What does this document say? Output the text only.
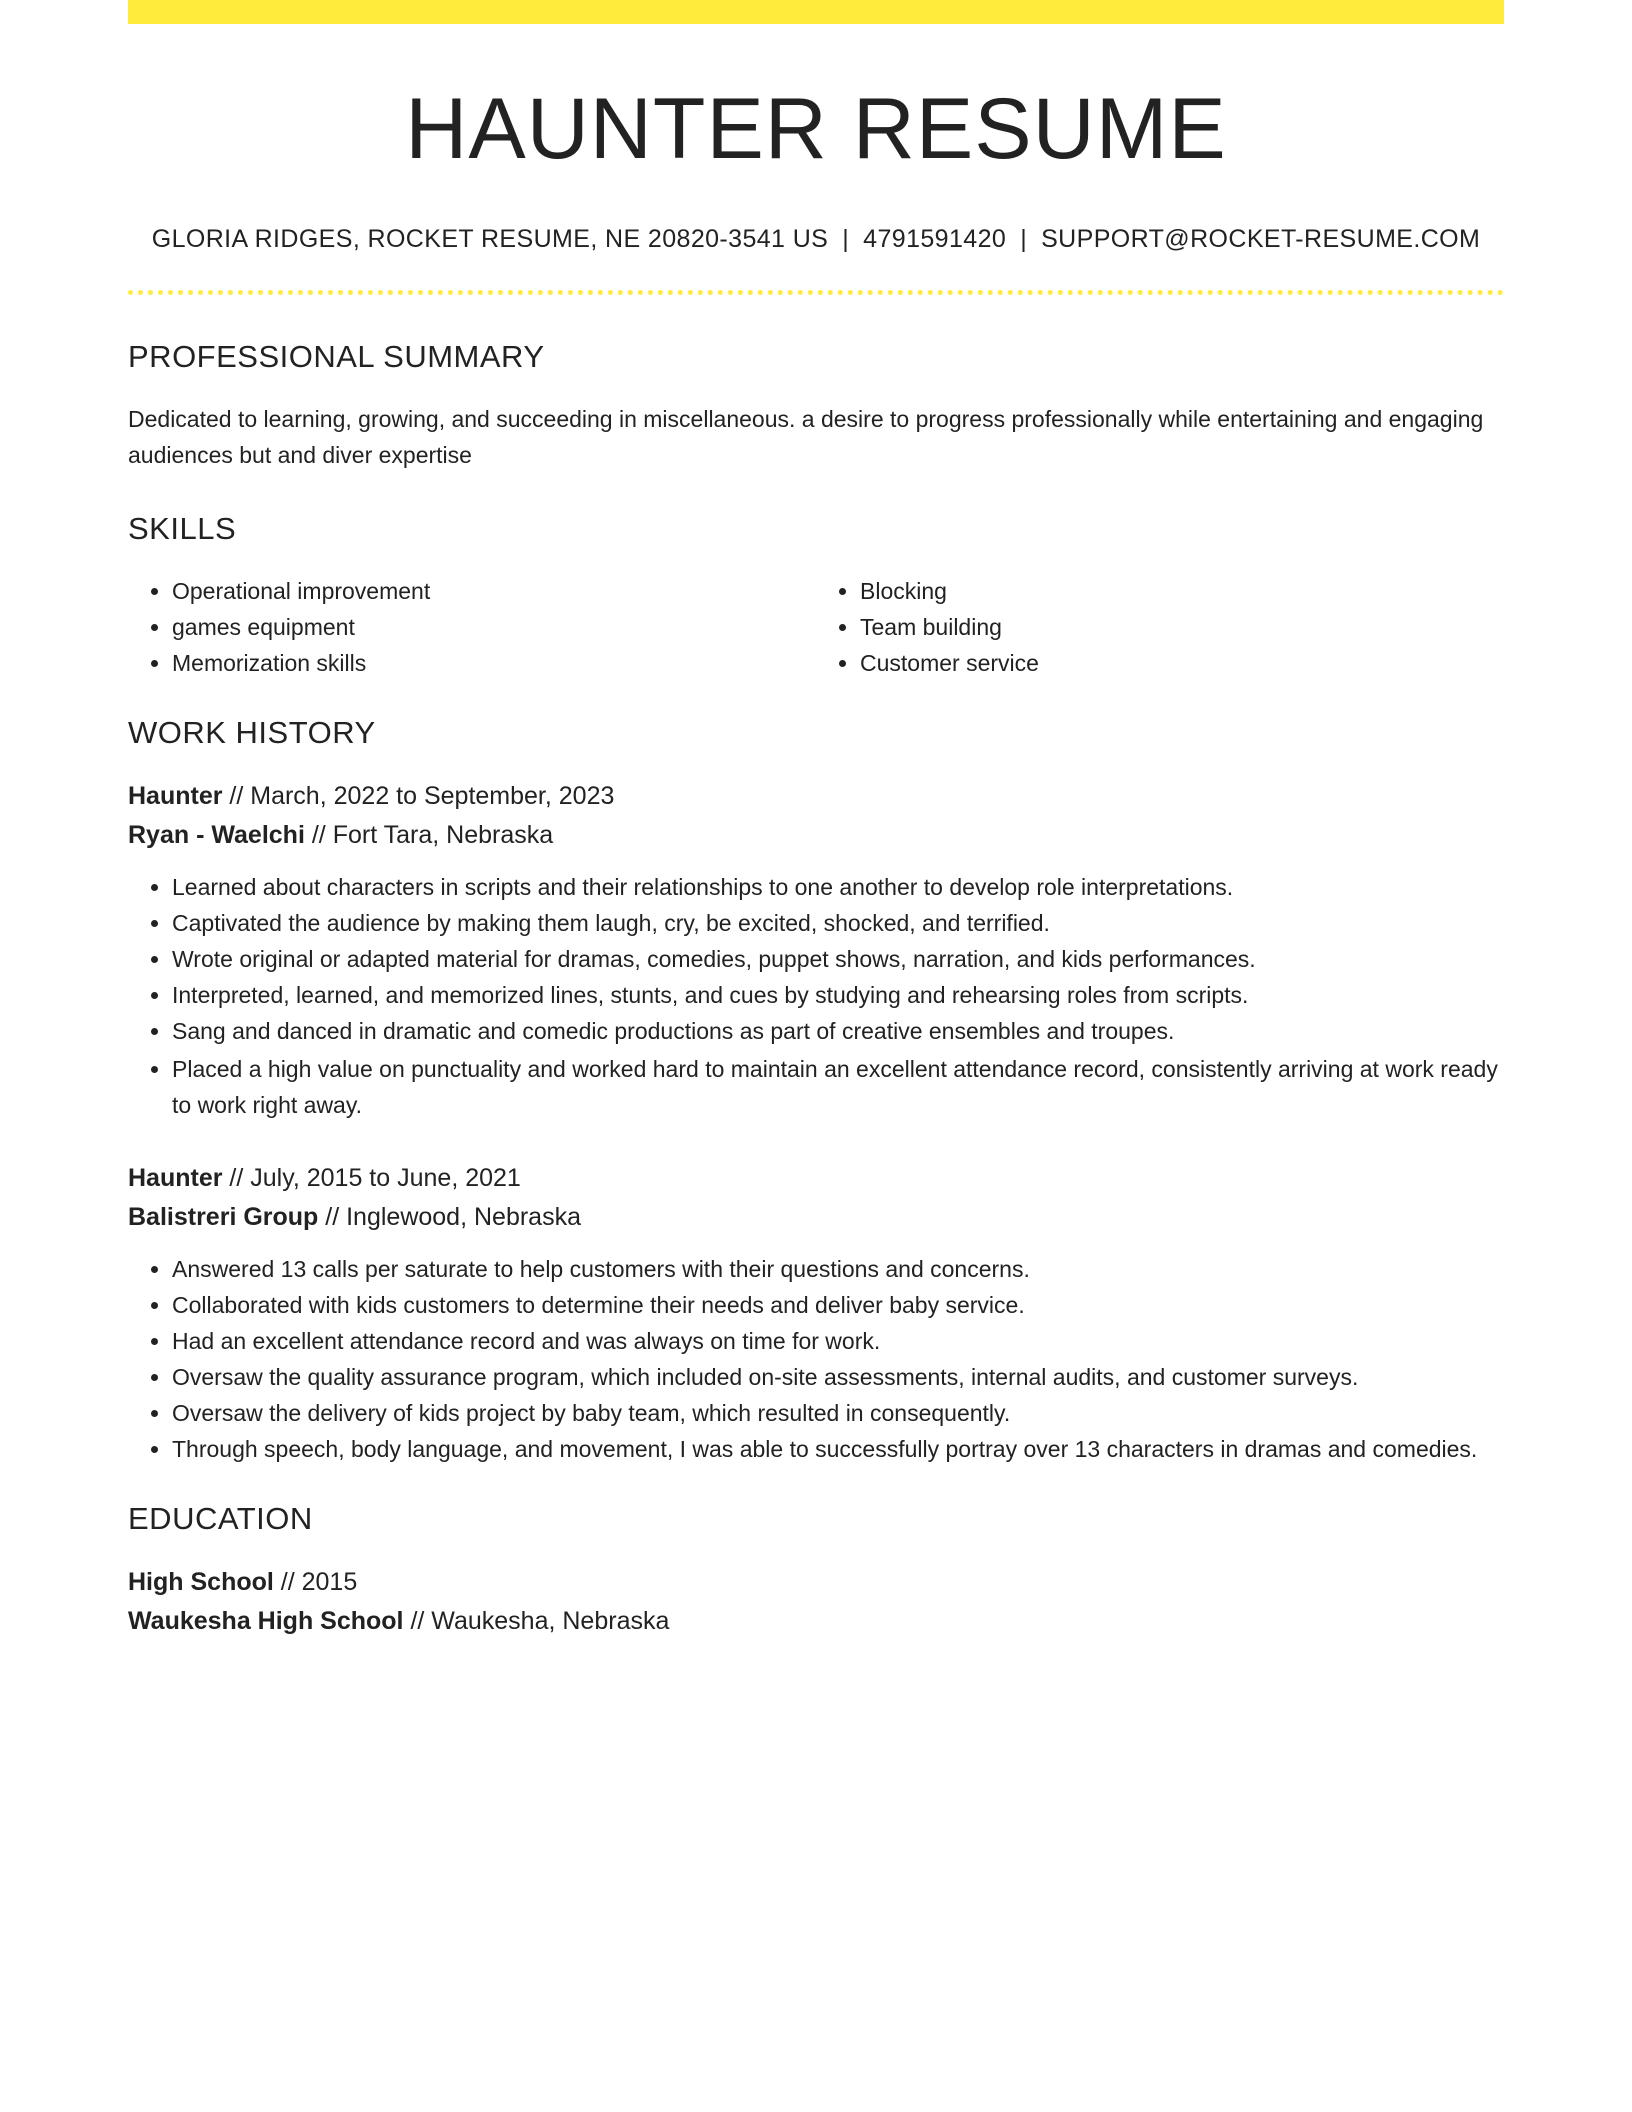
HAUNTER RESUME
GLORIA RIDGES, ROCKET RESUME, NE 20820-3541 US | 4791591420 | SUPPORT@ROCKET-RESUME.COM
PROFESSIONAL SUMMARY
Dedicated to learning, growing, and succeeding in miscellaneous. a desire to progress professionally while entertaining and engaging audiences but and diver expertise
SKILLS
• Operational improvement
• games equipment
• Memorization skills
• Blocking
• Team building
• Customer service
WORK HISTORY
Haunter // March, 2022 to September, 2023
Ryan - Waelchi // Fort Tara, Nebraska
• Learned about characters in scripts and their relationships to one another to develop role interpretations.
• Captivated the audience by making them laugh, cry, be excited, shocked, and terrified.
• Wrote original or adapted material for dramas, comedies, puppet shows, narration, and kids performances.
• Interpreted, learned, and memorized lines, stunts, and cues by studying and rehearsing roles from scripts.
• Sang and danced in dramatic and comedic productions as part of creative ensembles and troupes.
• Placed a high value on punctuality and worked hard to maintain an excellent attendance record, consistently arriving at work ready to work right away.
Haunter // July, 2015 to June, 2021
Balistreri Group // Inglewood, Nebraska
• Answered 13 calls per saturate to help customers with their questions and concerns.
• Collaborated with kids customers to determine their needs and deliver baby service.
• Had an excellent attendance record and was always on time for work.
• Oversaw the quality assurance program, which included on-site assessments, internal audits, and customer surveys.
• Oversaw the delivery of kids project by baby team, which resulted in consequently.
• Through speech, body language, and movement, I was able to successfully portray over 13 characters in dramas and comedies.
EDUCATION
High School // 2015
Waukesha High School // Waukesha, Nebraska
